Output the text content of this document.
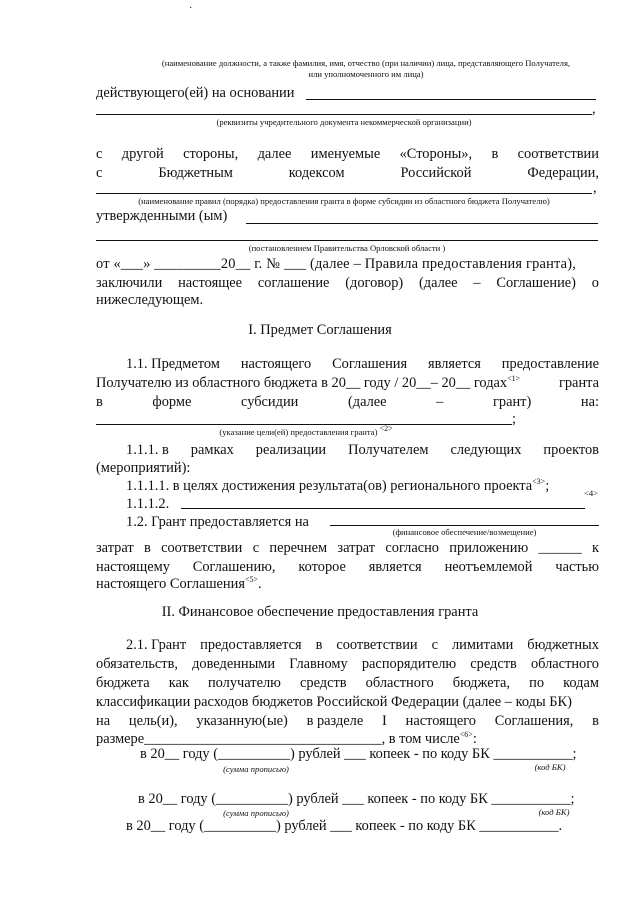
·
(наименование должности, а также фамилия, имя, отчество (при наличии) лица, представляющего Получателя,
или уполномоченного им лица)
действующего(ей) на основании
,
(реквизиты учредительного документа некоммерческой организации)
с другой стороны, далее именуемые «Стороны», в соответствии
с	Бюджетным	кодексом	Российской	Федерации,
,
(наименование правил (порядка) предоставления гранта в форме субсидии из областного бюджета Получателю)
утвержденными (ым)
(постановлением Правительства Орловской области )
от «___» _________20__ г. № ___ (далее – Правила предоставления гранта),
заключили настоящее соглашение (договор) (далее – Соглашение) о
нижеследующем.
I. Предмет Соглашения
1.1. Предметом настоящего Соглашения является предоставление
Получателю из областного бюджета в 20__ году / 20__– 20__ годах$^{<1>}$	гранта
в	форме	субсидии	(далее	–	грант)	на:
;
(указание цели(ей) предоставления гранта) $^{<2>}$
1.1.1. в рамках реализации Получателем следующих проектов
(мероприятий):
1.1.1.1. в целях достижения результата(ов) регионального проекта$^{<3>}$;
1.1.1.2.
<4>
1.2. Грант предоставляется на
(финансовое обеспечение/возмещение)
затрат в соответствии с перечнем затрат согласно приложению ______ к
настоящему Соглашению, которое является неотъемлемой частью
настоящего Соглашения$^{<5>}$.
II. Финансовое обеспечение предоставления гранта
2.1. Грант предоставляется в соответствии с лимитами бюджетных
обязательств, доведенными Главному распорядителю средств областного
бюджета как получателю средств областного бюджета, по кодам
классификации расходов бюджетов Российской Федерации (далее – коды БК)
на цель(и), указанную(ые) в разделе I настоящего Соглашения, в
размере_________________________________, в том числе$^{<6>}$:
в 20__ году (__________) рублей ___ копеек - по коду БК ___________;
(сумма прописью)	(код БК)
в 20__ году (__________) рублей ___ копеек - по коду БК ___________;
(сумма прописью)	(код БК)
в 20__ году (__________) рублей ___ копеек - по коду БК ___________.
